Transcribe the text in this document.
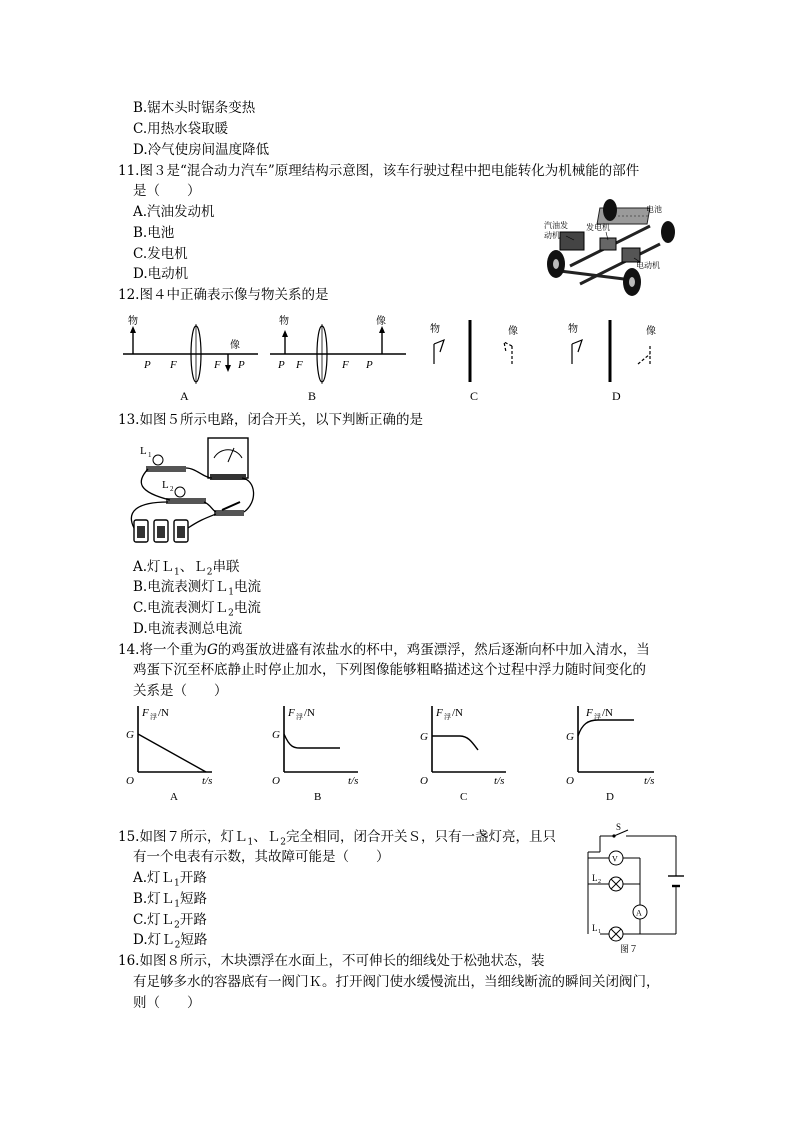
B.锯木头时锯条变热
C.用热水袋取暖
D.冷气使房间温度降低
11.图３是“混合动力汽车”原理结构示意图，该车行驶过程中把电能转化为机械能的部件
是（　　）
A.汽油发动机
B.电池
C.发电机
D.电动机
电池
汽油发
动机
发电机
电动机
12.图４中正确表示像与物关系的是
物
像
P F	F P
A
物	像
P F	F P
B
物	像
C
物	像
D
13.如图５所示电路，闭合开关，以下判断正确的是
L 1
L 2
A.灯Ｌ$_1$、Ｌ$_2$串联
B.电流表测灯Ｌ$_1$电流
C.电流表测灯Ｌ$_2$电流
D.电流表测总电流
14.将一个重为G的鸡蛋放进盛有浓盐水的杯中，鸡蛋漂浮，然后逐渐向杯中加入清水，当
鸡蛋下沉至杯底静止时停止加水，下列图像能够粗略描述这个过程中浮力随时间变化的
关系是（　　）
F 浮 /N
G
O	t/s
A
F 浮 /N
G
O	t/s
B
F 浮 /N
G
O	t/s
C
F 浮 /N
G
O	t/s
D
15.如图７所示，灯Ｌ$_1$、Ｌ$_2$完全相同，闭合开关Ｓ，只有一盏灯亮，且只
有一个电表有示数，其故障可能是（　　）
A.灯Ｌ$_1$开路
B.灯Ｌ$_1$短路
C.灯Ｌ$_2$开路
D.灯Ｌ$_2$短路
S
V
L 2
A
L 1
图７
16.如图８所示，木块漂浮在水面上，不可伸长的细线处于松弛状态，装
有足够多水的容器底有一阀门Ｋ。打开阀门使水缓慢流出，当细线断流的瞬间关闭阀门，
则（　　）
